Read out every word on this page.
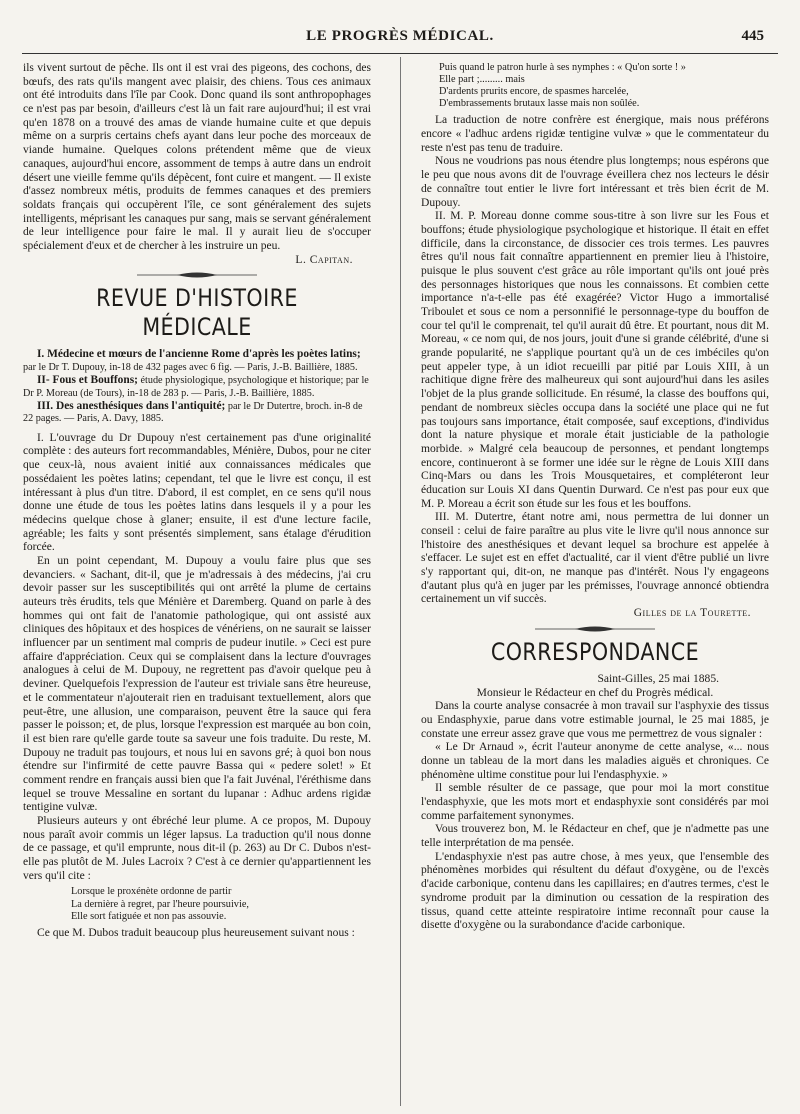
LE PROGRÈS MÉDICAL.	445

ils vivent surtout de pêche. Ils ont il est vrai des pigeons, des cochons, des bœufs, des rats qu'ils mangent avec plaisir, des chiens. Tous ces animaux ont été introduits dans l'île par Cook. Donc quand ils sont anthropophages ce n'est pas par besoin, d'ailleurs c'est là un fait rare aujourd'hui; il est vrai qu'en 1878 on a trouvé des amas de viande humaine cuite et que depuis même on a surpris certains chefs ayant dans leur poche des morceaux de viande humaine. Quelques colons prétendent même que de vieux canaques, aujourd'hui encore, assomment de temps à autre dans un endroit désert une vieille femme qu'ils dépècent, font cuire et mangent. — Il existe d'assez nombreux métis, produits de femmes canaques et des premiers soldats français qui occupèrent l'île, ce sont généralement des sujets intelligents, méprisant les canaques pur sang, mais se servant généralement de leur intelligence pour faire le mal. Il y aurait lieu de s'occuper spécialement d'eux et de chercher à les instruire un peu.

L. Capitan.

REVUE D'HISTOIRE MÉDICALE

I. Médecine et mœurs de l'ancienne Rome d'après les poètes latins; par le Dr T. Dupouy, in-18 de 432 pages avec 6 fig. — Paris, J.-B. Baillière, 1885.

II- Fous et Bouffons; étude physiologique, psychologique et historique; par le Dr P. Moreau (de Tours), in-18 de 283 p. — Paris, J.-B. Baillière, 1885.

III. Des anesthésiques dans l'antiquité; par le Dr Dutertre, broch. in-8 de 22 pages. — Paris, A. Davy, 1885.

I. L'ouvrage du Dr Dupouy n'est certainement pas d'une originalité complète : des auteurs fort recommandables, Ménière, Dubos, pour ne citer que ceux-là, nous avaient initié aux connaissances médicales que possédaient les poètes latins; cependant, tel que le livre est conçu, il est intéressant à plus d'un titre. D'abord, il est complet, en ce sens qu'il nous donne une étude de tous les poètes latins dans lesquels il y a pour les médecins quelque chose à glaner; ensuite, il est d'une lecture facile, agréable; les faits y sont présentés simplement, sans étalage d'érudition forcée.

En un point cependant, M. Dupouy a voulu faire plus que ses devanciers. « Sachant, dit-il, que je m'adressais à des médecins, j'ai cru devoir passer sur les susceptibilités qui ont arrêté la plume de certains auteurs très érudits, tels que Ménière et Daremberg. Quand on parle à des hommes qui ont fait de l'anatomie pathologique, qui ont assisté aux cliniques des hôpitaux et des hospices de vénériens, on ne saurait se laisser influencer par un sentiment mal compris de pudeur inutile. » Ceci est pure affaire d'appréciation. Ceux qui se complaisent dans la lecture d'ouvrages analogues à celui de M. Dupouy, ne regrettent pas d'avoir quelque peu à deviner. Quelquefois l'expression de l'auteur est triviale sans être heureuse, et le commentateur n'ajouterait rien en traduisant textuellement, alors que peut-être, une allusion, une comparaison, peuvent être la sauce qui fera passer le poisson; et, de plus, lorsque l'expression est marquée au bon coin, il est bien rare qu'elle garde toute sa saveur une fois traduite. Du reste, M. Dupouy ne traduit pas toujours, et nous lui en savons gré; à quoi bon nous étendre sur l'infirmité de cette pauvre Bassa qui « pedere solet! » Et comment rendre en français aussi bien que l'a fait Juvénal, l'éréthisme dans lequel se trouve Messaline en sortant du lupanar : Adhuc ardens rigidæ tentigine vulvæ.

Plusieurs auteurs y ont ébréché leur plume. A ce propos, M. Dupouy nous paraît avoir commis un léger lapsus. La traduction qu'il nous donne de ce passage, et qu'il emprunte, nous dit-il (p. 263) au Dr C. Dubos n'est-elle pas plutôt de M. Jules Lacroix ? C'est à ce dernier qu'appartiennent les vers qu'il cite :

Lorsque le proxénète ordonne de partir
La dernière à regret, par l'heure poursuivie,
Elle sort fatiguée et non pas assouvie.

Ce que M. Dubos traduit beaucoup plus heureusement suivant nous :

Puis quand le patron hurle à ses nymphes : « Qu'on sorte ! »
Elle part ;......... mais
D'ardents prurits encore, de spasmes harcelée,
D'embrassements brutaux lasse mais non soûlée.

La traduction de notre confrère est énergique, mais nous préférons encore « l'adhuc ardens rigidæ tentigine vulvæ » que le commentateur du reste n'est pas tenu de traduire.

Nous ne voudrions pas nous étendre plus longtemps; nous espérons que le peu que nous avons dit de l'ouvrage éveillera chez nos lecteurs le désir de connaître tout entier le livre fort intéressant et très bien écrit de M. Dupouy.

II. M. P. Moreau donne comme sous-titre à son livre sur les Fous et bouffons; étude physiologique psychologique et historique. Il était en effet difficile, dans la circonstance, de dissocier ces trois termes. Les pauvres êtres qu'il nous fait connaître appartiennent en premier lieu à l'histoire, puisque le plus souvent c'est grâce au rôle important qu'ils ont joué près des personnages historiques que nous les connaissons. Et combien cette importance n'a-t-elle pas été exagérée? Victor Hugo a immortalisé Triboulet et sous ce nom a personnifié le personnage-type du bouffon de cour tel qu'il le comprenait, tel qu'il aurait dû être. Et pourtant, nous dit M. Moreau, « ce nom qui, de nos jours, jouit d'une si grande célébrité, d'une si grande popularité, ne s'applique pourtant qu'à un de ces imbéciles qu'on peut appeler type, à un idiot recueilli par pitié par Louis XIII, à un rachitique digne frère des malheureux qui sont aujourd'hui dans les asiles l'objet de la plus grande sollicitude. En résumé, la classe des bouffons qui, pendant de nombreux siècles occupa dans la société une place qui ne fut pas toujours sans importance, était composée, sauf exceptions, d'individus dont la nature physique et morale était justiciable de la pathologie morbide. » Malgré cela beaucoup de personnes, et pendant longtemps encore, continueront à se former une idée sur le règne de Louis XIII dans Cinq-Mars ou dans les Trois Mousquetaires, et compléteront leur éducation sur Louis XI dans Quentin Durward. Ce n'est pas pour eux que M. P. Moreau a écrit son étude sur les fous et les bouffons.

III. M. Dutertre, étant notre ami, nous permettra de lui donner un conseil : celui de faire paraître au plus vite le livre qu'il nous annonce sur l'histoire des anesthésiques et devant lequel sa brochure est appelée à s'effacer. Le sujet est en effet d'actualité, car il vient d'être publié un livre s'y rapportant qui, dit-on, ne manque pas d'intérêt. Nous l'y engageons d'autant plus qu'à en juger par les prémisses, l'ouvrage annoncé obtiendra certainement un vif succès.

Gilles de la Tourette.

CORRESPONDANCE

Saint-Gilles, 25 mai 1885.

Monsieur le Rédacteur en chef du Progrès médical.

Dans la courte analyse consacrée à mon travail sur l'asphyxie des tissus ou Endasphyxie, parue dans votre estimable journal, le 25 mai 1885, je constate une erreur assez grave que vous me permettrez de vous signaler :

« Le Dr Arnaud », écrit l'auteur anonyme de cette analyse, «... nous donne un tableau de la mort dans les maladies aiguës et chroniques. Ce phénomène ultime constitue pour lui l'endasphyxie. »

Il semble résulter de ce passage, que pour moi la mort constitue l'endasphyxie, que les mots mort et endasphyxie sont considérés par moi comme parfaitement synonymes.

Vous trouverez bon, M. le Rédacteur en chef, que je n'admette pas une telle interprétation de ma pensée.

L'endasphyxie n'est pas autre chose, à mes yeux, que l'ensemble des phénomènes morbides qui résultent du défaut d'oxygène, ou de l'excès d'acide carbonique, contenu dans les capillaires; en d'autres termes, c'est le syndrome produit par la diminution ou cessation de la respiration des tissus, quand cette atteinte respiratoire intime reconnaît pour cause la disette d'oxygène ou la surabondance d'acide carbonique.
